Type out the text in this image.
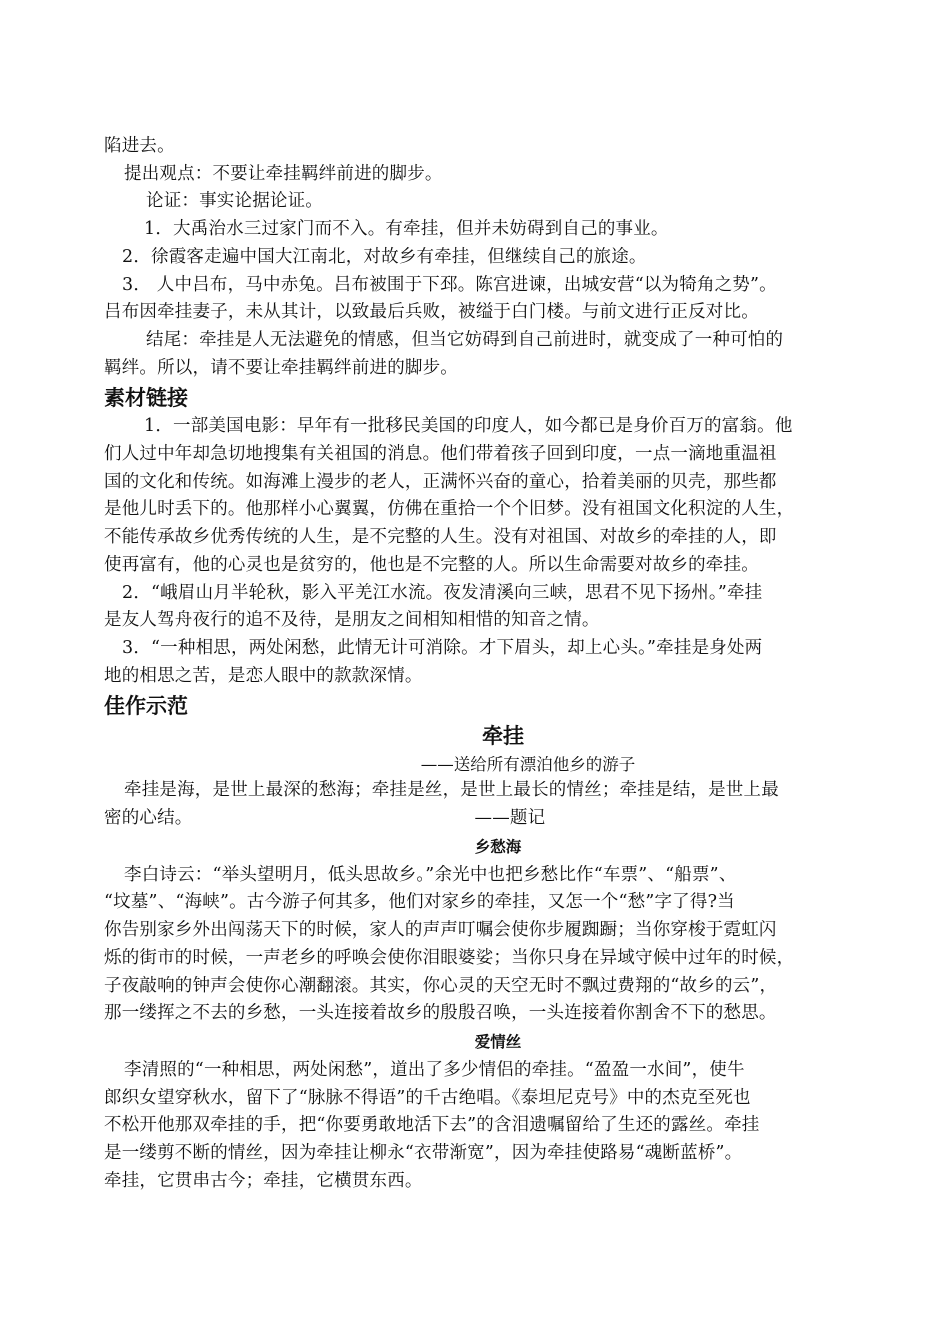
陷进去。
提出观点：不要让牵挂羁绊前进的脚步。
论证：事实论据论证。
1．大禹治水三过家门而不入。有牵挂，但并未妨碍到自己的事业。
2．徐霞客走遍中国大江南北，对故乡有牵挂，但继续自己的旅途。
3． 人中吕布，马中赤兔。吕布被围于下邳。陈宫进谏，出城安营“以为犄角之势”。
吕布因牵挂妻子，未从其计，以致最后兵败，被缢于白门楼。与前文进行正反对比。
结尾：牵挂是人无法避免的情感，但当它妨碍到自己前进时，就变成了一种可怕的
羁绊。所以，请不要让牵挂羁绊前进的脚步。
素材链接
1．一部美国电影：早年有一批移民美国的印度人，如今都已是身价百万的富翁。他
们人过中年却急切地搜集有关祖国的消息。他们带着孩子回到印度，一点一滴地重温祖
国的文化和传统。如海滩上漫步的老人，正满怀兴奋的童心，拾着美丽的贝壳，那些都
是他儿时丢下的。他那样小心翼翼，仿佛在重拾一个个旧梦。没有祖国文化积淀的人生，
不能传承故乡优秀传统的人生，是不完整的人生。没有对祖国、对故乡的牵挂的人，即
使再富有，他的心灵也是贫穷的，他也是不完整的人。所以生命需要对故乡的牵挂。
2．“峨眉山月半轮秋，影入平羌江水流。夜发清溪向三峡，思君不见下扬州。”牵挂
是友人驾舟夜行的追不及待，是朋友之间相知相惜的知音之情。
3．“一种相思，两处闲愁，此情无计可消除。才下眉头，却上心头。”牵挂是身处两
地的相思之苦，是恋人眼中的款款深情。
佳作示范
牵挂
——送给所有漂泊他乡的游子
牵挂是海，是世上最深的愁海；牵挂是丝，是世上最长的情丝；牵挂是结，是世上最
密的心结。	——题记
乡愁海
李白诗云：“举头望明月，低头思故乡。”余光中也把乡愁比作“车票”、“船票”、
“坟墓”、“海峡”。古今游子何其多，他们对家乡的牵挂，又怎一个“愁”字了得?当
你告别家乡外出闯荡天下的时候，家人的声声叮嘱会使你步履踟蹰；当你穿梭于霓虹闪
烁的街市的时候，一声老乡的呼唤会使你泪眼婆娑；当你只身在异域守候中过年的时候，
子夜敲响的钟声会使你心潮翻滚。其实，你心灵的天空无时不飘过费翔的“故乡的云”，
那一缕挥之不去的乡愁，一头连接着故乡的殷殷召唤，一头连接着你割舍不下的愁思。
爱情丝
李清照的“一种相思，两处闲愁”，道出了多少情侣的牵挂。“盈盈一水间”，使牛
郎织女望穿秋水，留下了“脉脉不得语”的千古绝唱。《泰坦尼克号》中的杰克至死也
不松开他那双牵挂的手，把“你要勇敢地活下去”的含泪遗嘱留给了生还的露丝。牵挂
是一缕剪不断的情丝，因为牵挂让柳永“衣带渐宽”，因为牵挂使路易“魂断蓝桥”。
牵挂，它贯串古今；牵挂，它横贯东西。
